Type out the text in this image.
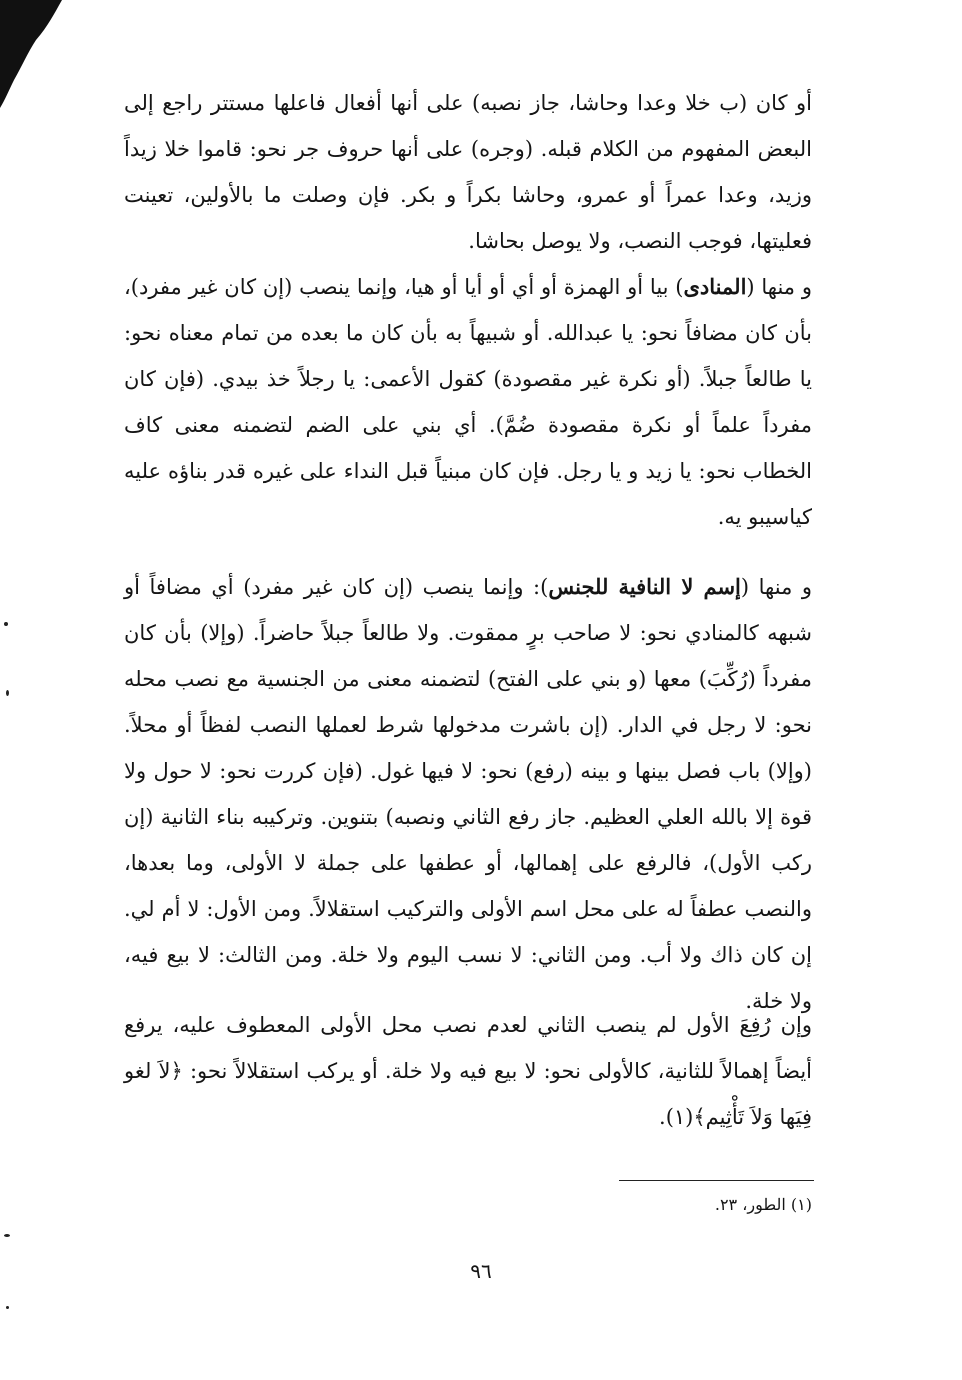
أو كان (ب خلا وعدا وحاشا، جاز نصبه) على أنها أفعال فاعلها مستتر راجع إلى البعض المفهوم من الكلام قبله. (وجره) على أنها حروف جر نحو: قاموا خلا زيداً وزيد، وعدا عمراً أو عمرو، وحاشا بكراً و بكر. فإن وصلت ما بالأولين، تعينت فعليتها، فوجب النصب، ولا يوصل بحاشا.

و منها (المنادى) بيا أو الهمزة أو أي أو أيا أو هيا، وإنما ينصب (إن كان غير مفرد)، بأن كان مضافاً نحو: يا عبدالله. أو شبيهاً به بأن كان ما بعده من تمام معناه نحو: يا طالعاً جبلاً. (أو نكرة غير مقصودة) كقول الأعمى: يا رجلاً خذ بيدي. (فإن كان مفرداً علماً أو نكرة مقصودة ضُمَّ). أي بني على الضم لتضمنه معنى كاف الخطاب نحو: يا زيد و يا رجل. فإن كان مبنياً قبل النداء على غيره قدر بناؤه عليه كياسيبو يه.

و منها (إسم لا النافية للجنس): وإنما ينصب (إن كان غير مفرد) أي مضافاً أو شبهه كالمنادي نحو: لا صاحب برٍ ممقوت. ولا طالعاً جبلاً حاضراً. (وإلا) بأن كان مفرداً (رُكِّبَ) معها (و بني على الفتح) لتضمنه معنى من الجنسية مع نصب محله نحو: لا رجل في الدار. (إن باشرت مدخولها شرط لعملها النصب لفظاً أو محلاً. (وإلا) باب فصل بينها و بينه (رفع) نحو: لا فيها غول. (فإن كررت نحو: لا حول ولا قوة إلا بالله العلي العظيم. جاز رفع الثاني ونصبه) بتنوين. وتركيبه بناء الثانية (إن ركب الأول)، فالرفع على إهمالها، أو عطفها على جملة لا الأولى، وما بعدها، والنصب عطفاً له على محل اسم الأولى والتركيب استقلالاً. ومن الأول: لا أم لي. إن كان ذاك ولا أب. ومن الثاني: لا نسب اليوم ولا خلة. ومن الثالث: لا بيع فيه، ولا خلة.

وإن رُفِعَ الأول لم ينصب الثاني لعدم نصب محل الأولى المعطوف عليه، يرفع أيضاً إهمالاً للثانية، كالأولى نحو: لا بيع فيه ولا خلة. أو يركب استقلالاً نحو: ﴿لاَ لغو فِيَها وَلاَ تَأْثِيم﴾(١).

(١) الطور، ٢٣.
٩٦
